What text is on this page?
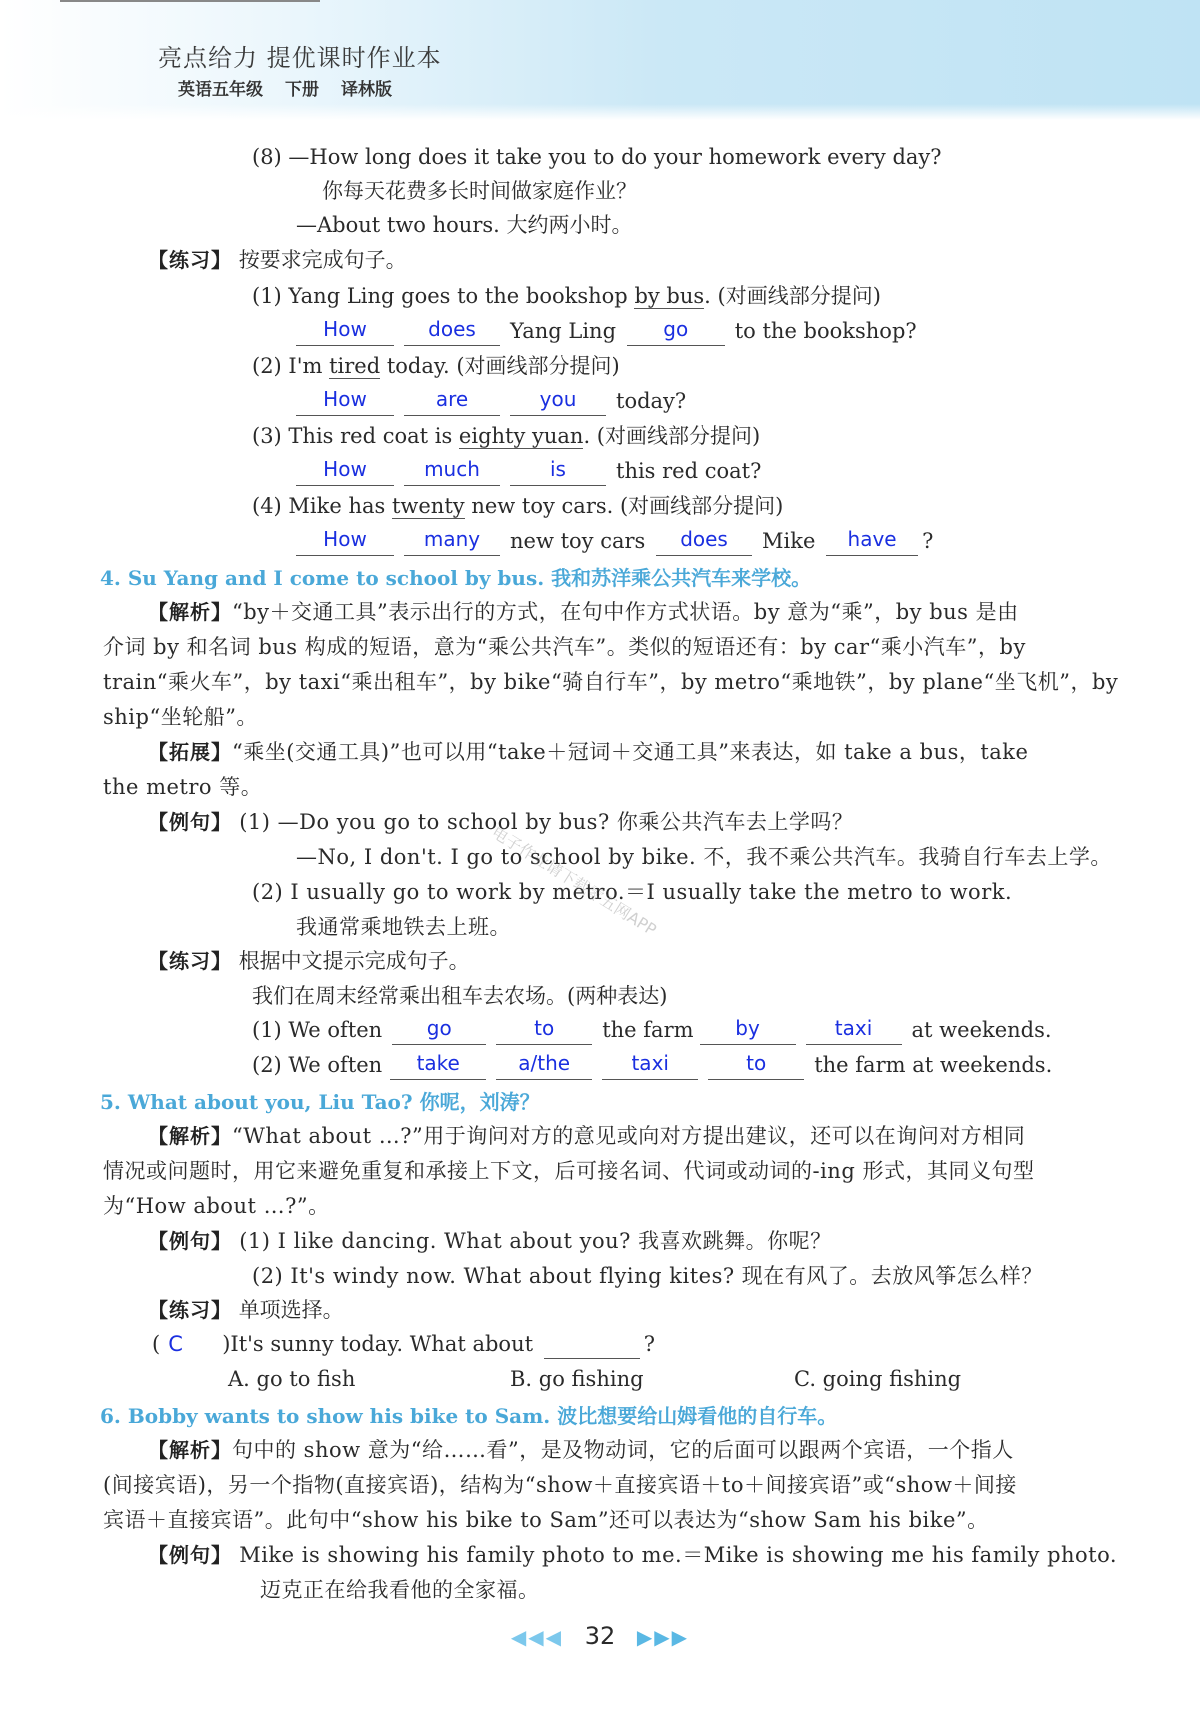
亮点给力 提优课时作业本
英语五年级 下册 译林版
(8) —How long does it take you to do your homework every day?
你每天花费多长时间做家庭作业？
—About two hours. 大约两小时。
【练习】 按要求完成句子。
(1) Yang Ling goes to the bookshop by bus. (对画线部分提问)
How	does Yang Ling go to the bookshop?
(2) I'm tired today. (对画线部分提问)
How	are	you today?
(3) This red coat is eighty yuan. (对画线部分提问)
How	much	is this red coat?
(4) Mike has twenty new toy cars. (对画线部分提问)
How	many new toy cars does Mike have ?
4. Su Yang and I come to school by bus. 我和苏洋乘公共汽车来学校。
【解析】“by＋交通工具”表示出行的方式，在句中作方式状语。by 意为“乘”，by bus 是由
介词 by 和名词 bus 构成的短语，意为“乘公共汽车”。类似的短语还有：by car“乘小汽车”，by
train“乘火车”，by taxi“乘出租车”，by bike“骑自行车”，by metro“乘地铁”，by plane“坐飞机”，by
ship“坐轮船”。
【拓展】“乘坐(交通工具)”也可以用“take＋冠词＋交通工具”来表达，如 take a bus，take
the metro 等。
【例句】 (1) —Do you go to school by bus? 你乘公共汽车去上学吗？
—No, I don't. I go to school by bike. 不，我不乘公共汽车。我骑自行车去上学。
(2) I usually go to work by metro.＝I usually take the metro to work.
我通常乘地铁去上班。
【练习】 根据中文提示完成句子。
我们在周末经常乘出租车去农场。(两种表达)
(1) We often go	to the farm by	taxi at weekends.
(2) We often take	a/the	taxi	to the farm at weekends.
5. What about you, Liu Tao? 你呢，刘涛？
【解析】“What about …?”用于询问对方的意见或向对方提出建议，还可以在询问对方相同
情况或问题时，用它来避免重复和承接上下文，后可接名词、代词或动词的-ing 形式，其同义句型
为“How about …?”。
【例句】 (1) I like dancing. What about you? 我喜欢跳舞。你呢？
(2) It's windy now. What about flying kites? 现在有风了。去放风筝怎么样？
【练习】 单项选择。
( C )It's sunny today. What about	?
A. go to fish	B. go fishing	C. going fishing
6. Bobby wants to show his bike to Sam. 波比想要给山姆看他的自行车。
【解析】句中的 show 意为“给……看”，是及物动词，它的后面可以跟两个宾语，一个指人
(间接宾语)，另一个指物(直接宾语)，结构为“show＋直接宾语＋to＋间接宾语”或“show＋间接
宾语＋直接宾语”。此句中“show his bike to Sam”还可以表达为“show Sam his bike”。
【例句】 Mike is showing his family photo to me.＝Mike is showing me his family photo.
迈克正在给我看他的全家福。
◀◀◀ 32 ▶▶▶
电子作业请下载零五网APP
